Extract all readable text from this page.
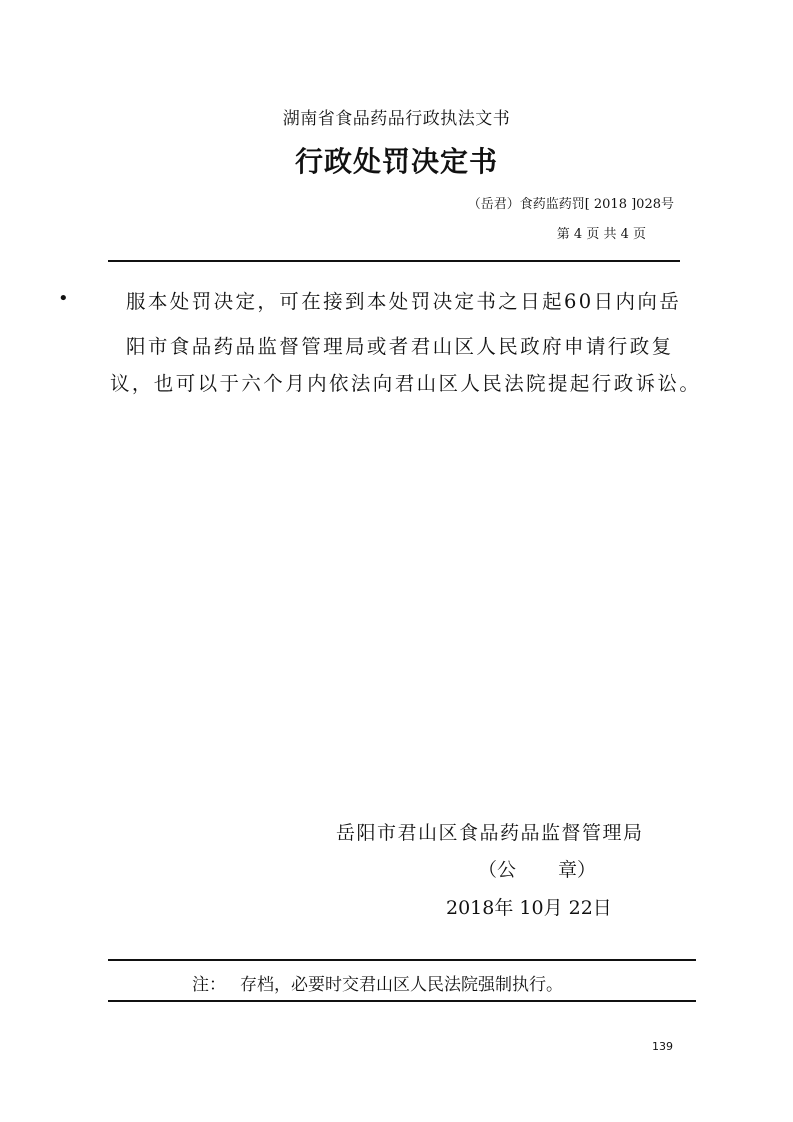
湖南省食品药品行政执法文书
行政处罚决定书
（岳君）食药监药罚[ 2018 ]028号
第 4 页 共 4 页
•	服本处罚决定，可在接到本处罚决定书之日起60日内向岳
阳市食品药品监督管理局或者君山区人民政府申请行政复
议，也可以于六个月内依法向君山区人民法院提起行政诉讼。
岳阳市君山区食品药品监督管理局
（公 章）
2018年 10月 22日
注： 存档，必要时交君山区人民法院强制执行。
139
